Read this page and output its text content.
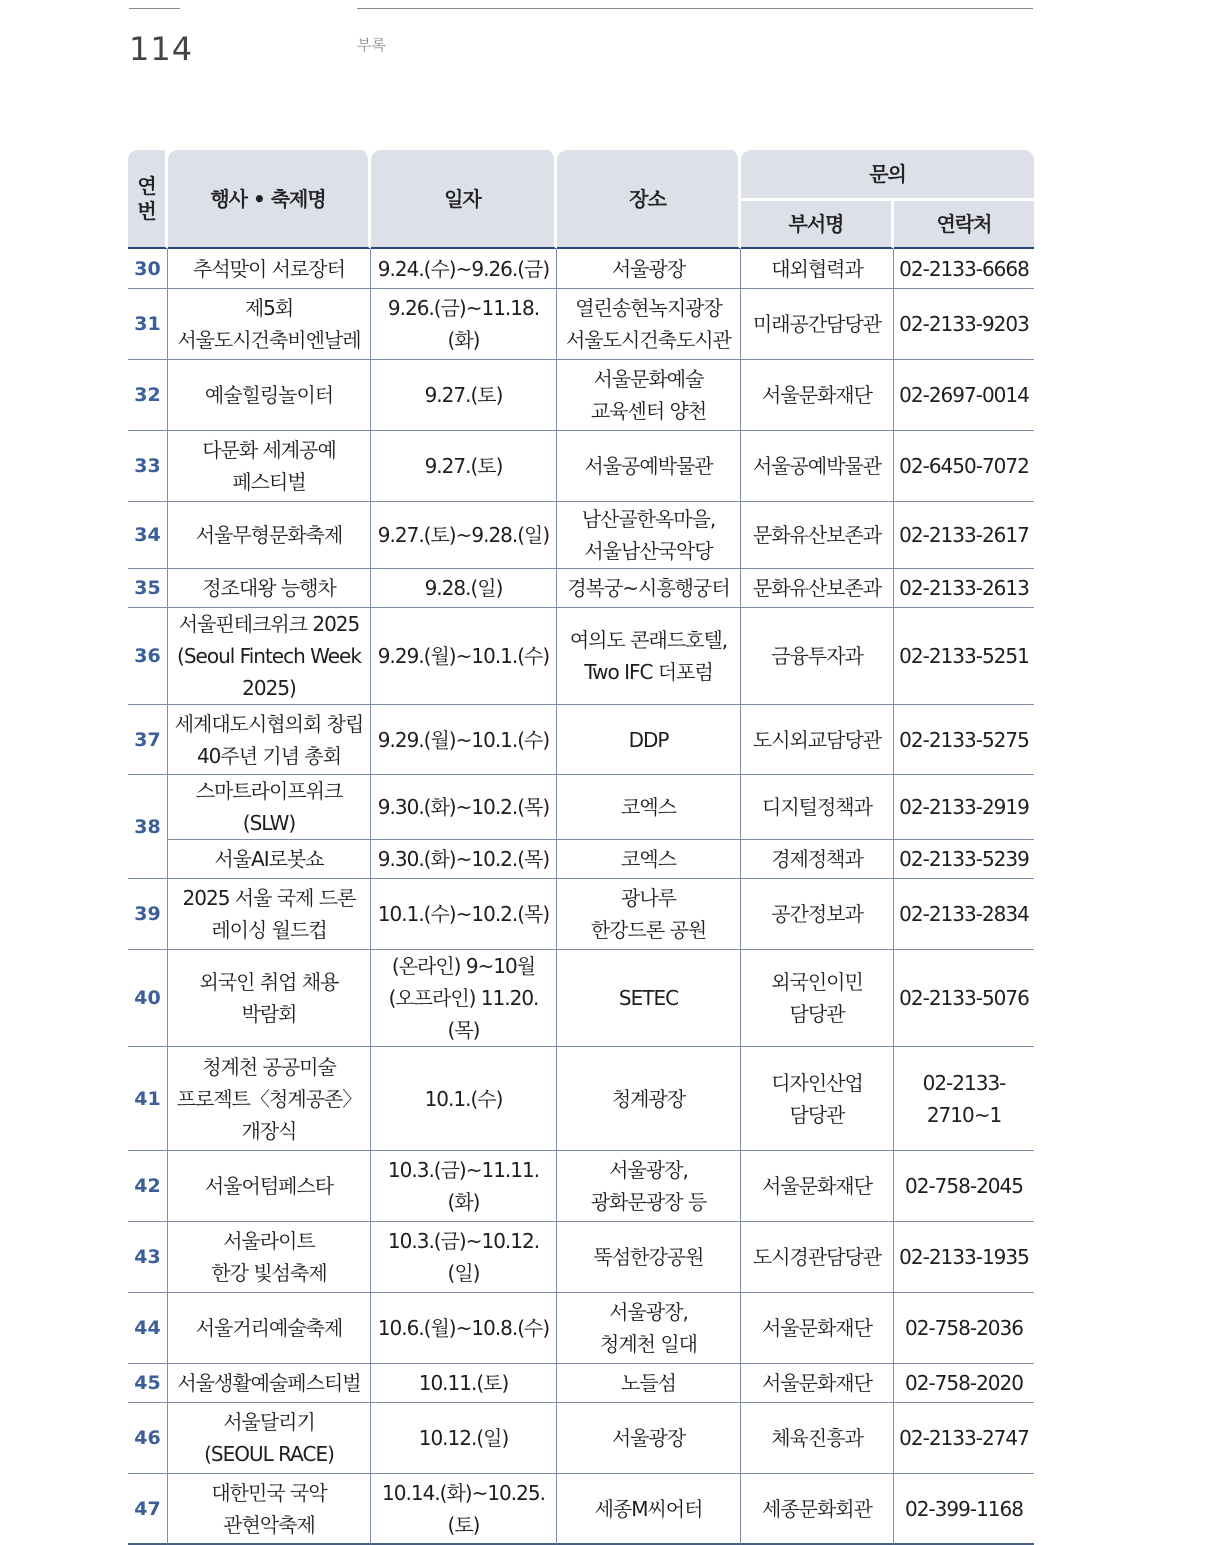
114	부록
연
번	행사 • 축제명	일자	장소	문의	
				부서명	연락처
30	추석맞이 서로장터	9.24.(수)~9.26.(금)	서울광장	대외협력과	02-2133-6668
31	제5회
서울도시건축비엔날레	9.26.(금)~11.18.(화)	열린송현녹지광장
서울도시건축도시관	미래공간담당관	02-2133-9203
32	예술힐링놀이터	9.27.(토)	서울문화예술
교육센터 양천	서울문화재단	02-2697-0014
33	다문화 세계공예
페스티벌	9.27.(토)	서울공예박물관	서울공예박물관	02-6450-7072
34	서울무형문화축제	9.27.(토)~9.28.(일)	남산골한옥마을,
서울남산국악당	문화유산보존과	02-2133-2617
35	정조대왕 능행차	9.28.(일)	경복궁~시흥행궁터	문화유산보존과	02-2133-2613
36	서울핀테크위크 2025
(Seoul Fintech Week 2025)	9.29.(월)~10.1.(수)	여의도 콘래드호텔,
Two IFC 더포럼	금융투자과	02-2133-5251
37	세계대도시협의회 창립
40주년 기념 총회	9.29.(월)~10.1.(수)	DDP	도시외교담당관	02-2133-5275
38	스마트라이프위크(SLW)	9.30.(화)~10.2.(목)	코엑스	디지털정책과	02-2133-2919
	서울AI로봇쇼	9.30.(화)~10.2.(목)	코엑스	경제정책과	02-2133-5239
39	2025 서울 국제 드론
레이싱 월드컵	10.1.(수)~10.2.(목)	광나루
한강드론 공원	공간정보과	02-2133-2834
40	외국인 취업 채용
박람회	(온라인) 9~10월
(오프라인) 11.20.(목)	SETEC	외국인이민
담당관	02-2133-5076
41	청계천 공공미술
프로젝트〈청계공존〉
개장식	10.1.(수)	청계광장	디자인산업
담당관	02-2133-
2710~1
42	서울어텀페스타	10.3.(금)~11.11.(화)	서울광장,
광화문광장 등	서울문화재단	02-758-2045
43	서울라이트
한강 빛섬축제	10.3.(금)~10.12.(일)	뚝섬한강공원	도시경관담당관	02-2133-1935
44	서울거리예술축제	10.6.(월)~10.8.(수)	서울광장,
청계천 일대	서울문화재단	02-758-2036
45	서울생활예술페스티벌	10.11.(토)	노들섬	서울문화재단	02-758-2020
46	서울달리기
(SEOUL RACE)	10.12.(일)	서울광장	체육진흥과	02-2133-2747
47	대한민국 국악
관현악축제	10.14.(화)~10.25.(토)	세종M씨어터	세종문화회관	02-399-1168
